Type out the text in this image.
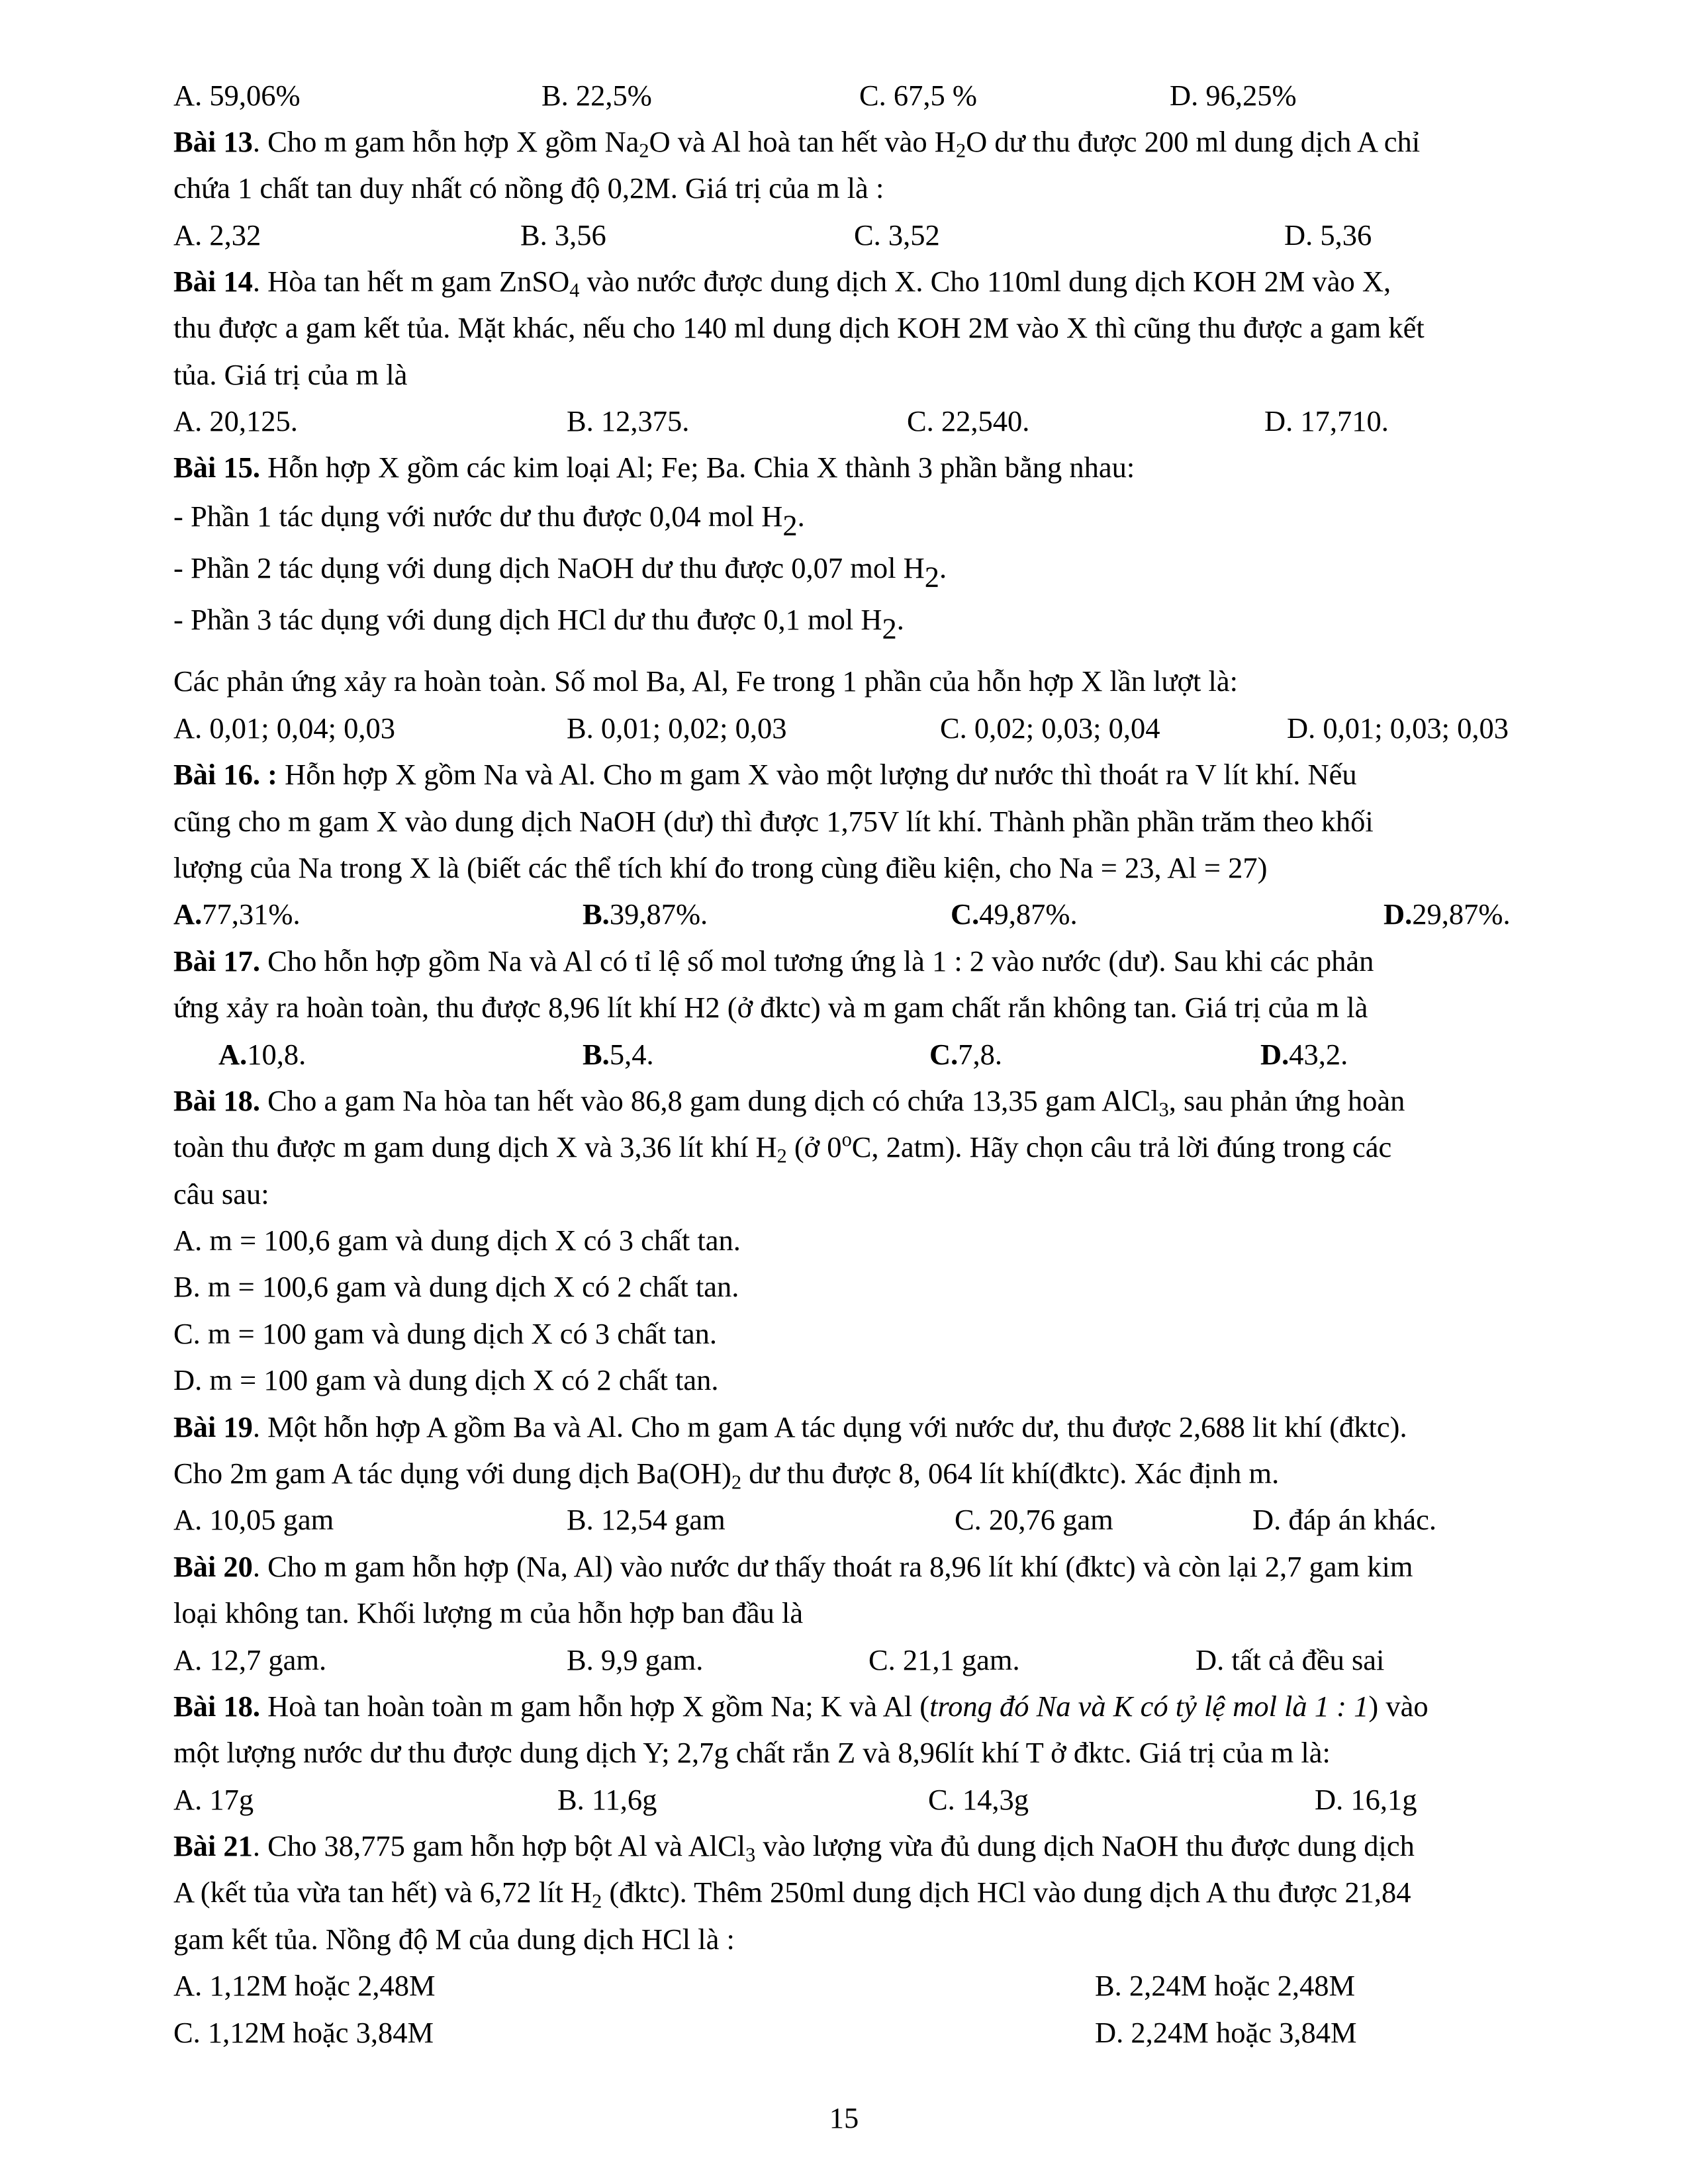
A. 59,06%	B. 22,5%	C. 67,5 %	D. 96,25%
Bài 13. Cho m gam hỗn hợp X gồm $Na_2O$ và Al hoà tan hết vào $H_2O$ dư thu được 200 ml dung dịch A chỉ
chứa 1 chất tan duy nhất có nồng độ 0,2M. Giá trị của m là :
A. 2,32	B. 3,56	C. 3,52	D. 5,36
Bài 14. Hòa tan hết m gam ZnSO$_4$ vào nước được dung dịch X. Cho 110ml dung dịch KOH 2M vào X,
thu được a gam kết tủa. Mặt khác, nếu cho 140 ml dung dịch KOH 2M vào X thì cũng thu được a gam kết
tủa. Giá trị của m là
A. 20,125.	B. 12,375.	C. 22,540.	D. 17,710.
Bài 15. Hỗn hợp X gồm các kim loại Al; Fe; Ba. Chia X thành 3 phần bằng nhau:
- Phần 1 tác dụng với nước dư thu được 0,04 mol $H_2$.
- Phần 2 tác dụng với dung dịch NaOH dư thu được 0,07 mol $H_2$.
- Phần 3 tác dụng với dung dịch HCl dư thu được 0,1 mol $H_2$.
Các phản ứng xảy ra hoàn toàn. Số mol Ba, Al, Fe trong 1 phần của hỗn hợp X lần lượt là:
A. 0,01; 0,04; 0,03	B. 0,01; 0,02; 0,03	C. 0,02; 0,03; 0,04	D. 0,01; 0,03; 0,03
Bài 16. : Hỗn hợp X gồm Na và Al. Cho m gam X vào một lượng dư nước thì thoát ra V lít khí. Nếu
cũng cho m gam X vào dung dịch NaOH (dư) thì được 1,75V lít khí. Thành phần phần trăm theo khối
lượng của Na trong X là (biết các thể tích khí đo trong cùng điều kiện, cho Na = 23, Al = 27)
A. 77,31%.	B. 39,87%.	C. 49,87%.	D. 29,87%.
Bài 17. Cho hỗn hợp gồm Na và Al có tỉ lệ số mol tương ứng là 1 : 2 vào nước (dư). Sau khi các phản
ứng xảy ra hoàn toàn, thu được 8,96 lít khí H2 (ở đktc) và m gam chất rắn không tan. Giá trị của m là
A. 10,8.	B. 5,4.	C. 7,8.	D. 43,2.
Bài 18. Cho a gam Na hòa tan hết vào 86,8 gam dung dịch có chứa 13,35 gam AlCl$_3$, sau phản ứng hoàn
toàn thu được m gam dung dịch X và 3,36 lít khí $H_2$ (ở 0$^o$C, 2atm). Hãy chọn câu trả lời đúng trong các
câu sau:
A. m = 100,6 gam và dung dịch X có 3 chất tan.
B. m = 100,6 gam và dung dịch X có 2 chất tan.
C. m = 100 gam và dung dịch X có 3 chất tan.
D. m = 100 gam và dung dịch X có 2 chất tan.
Bài 19. Một hỗn hợp A gồm Ba và Al. Cho m gam A tác dụng với nước dư, thu được 2,688 lit khí (đktc).
Cho 2m gam A tác dụng với dung dịch $Ba(OH)_2$ dư thu được 8, 064 lít khí(đktc). Xác định m.
A. 10,05 gam	B. 12,54 gam	C. 20,76 gam	D. đáp án khác.
Bài 20. Cho m gam hỗn hợp (Na, Al) vào nước dư thấy thoát ra 8,96 lít khí (đktc) và còn lại 2,7 gam kim
loại không tan. Khối lượng m của hỗn hợp ban đầu là
A. 12,7 gam.	B. 9,9 gam.	C. 21,1 gam.	D. tất cả đều sai
Bài 18. Hoà tan hoàn toàn m gam hỗn hợp X gồm Na; K và Al (trong đó Na và K có tỷ lệ mol là 1 : 1) vào
một lượng nước dư thu được dung dịch Y; 2,7g chất rắn Z và 8,96lít khí T ở đktc. Giá trị của m là:
A. 17g	B. 11,6g	C. 14,3g	D. 16,1g
Bài 21. Cho 38,775 gam hỗn hợp bột Al và AlCl$_3$ vào lượng vừa đủ dung dịch NaOH thu được dung dịch
A (kết tủa vừa tan hết) và 6,72 lít $H_2$ (đktc). Thêm 250ml dung dịch HCl vào dung dịch A thu được 21,84
gam kết tủa. Nồng độ M của dung dịch HCl là :
A. 1,12M hoặc 2,48M	B. 2,24M hoặc 2,48M
C. 1,12M hoặc 3,84M	D. 2,24M hoặc 3,84M
15
